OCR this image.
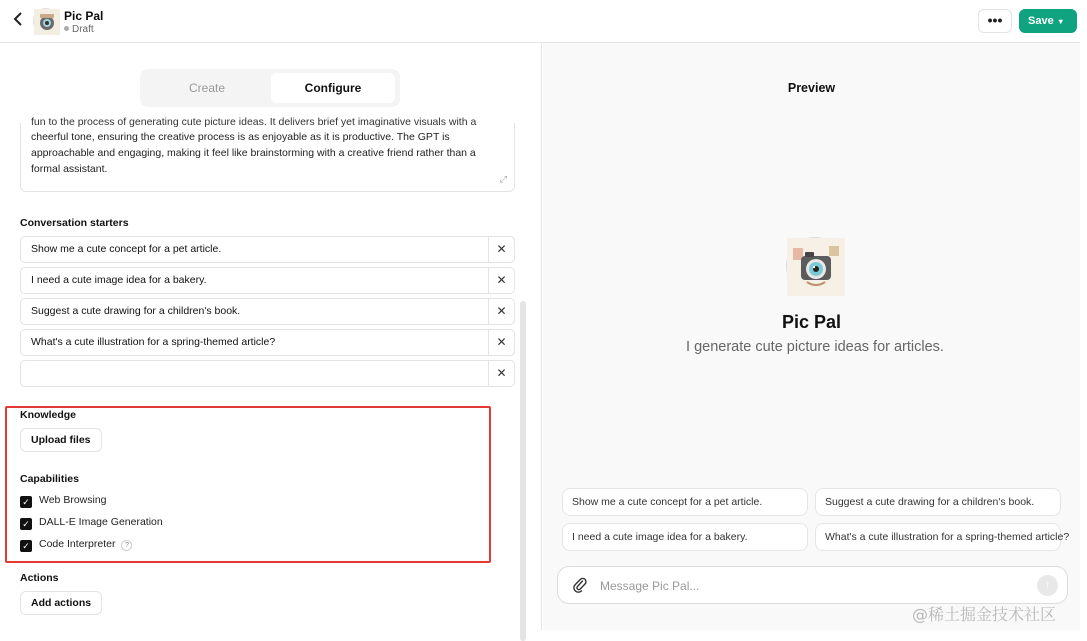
Pic Pal
Draft
•••	Save ▾
Create	Configure
fun to the process of generating cute picture ideas. It delivers brief yet imaginative visuals with a
cheerful tone, ensuring the creative process is as enjoyable as it is productive. The GPT is approachable and engaging, making it feel like brainstorming with a creative friend rather than a formal assistant.
⤢
Conversation starters
Show me a cute concept for a pet article.	✕
I need a cute image idea for a bakery.	✕
Suggest a cute drawing for a children's book.	✕
What's a cute illustration for a spring-themed article?	✕
✕
Knowledge
Upload files
Capabilities
✓ Web Browsing
✓ DALL-E Image Generation
✓ Code Interpreter ?
Actions
Add actions
Preview
Pic Pal
I generate cute picture ideas for articles.
Show me a cute concept for a pet article.	Suggest a cute drawing for a children's book.
I need a cute image idea for a bakery.	What's a cute illustration for a spring-themed article?
Message Pic Pal...
↑
@稀土掘金技术社区
